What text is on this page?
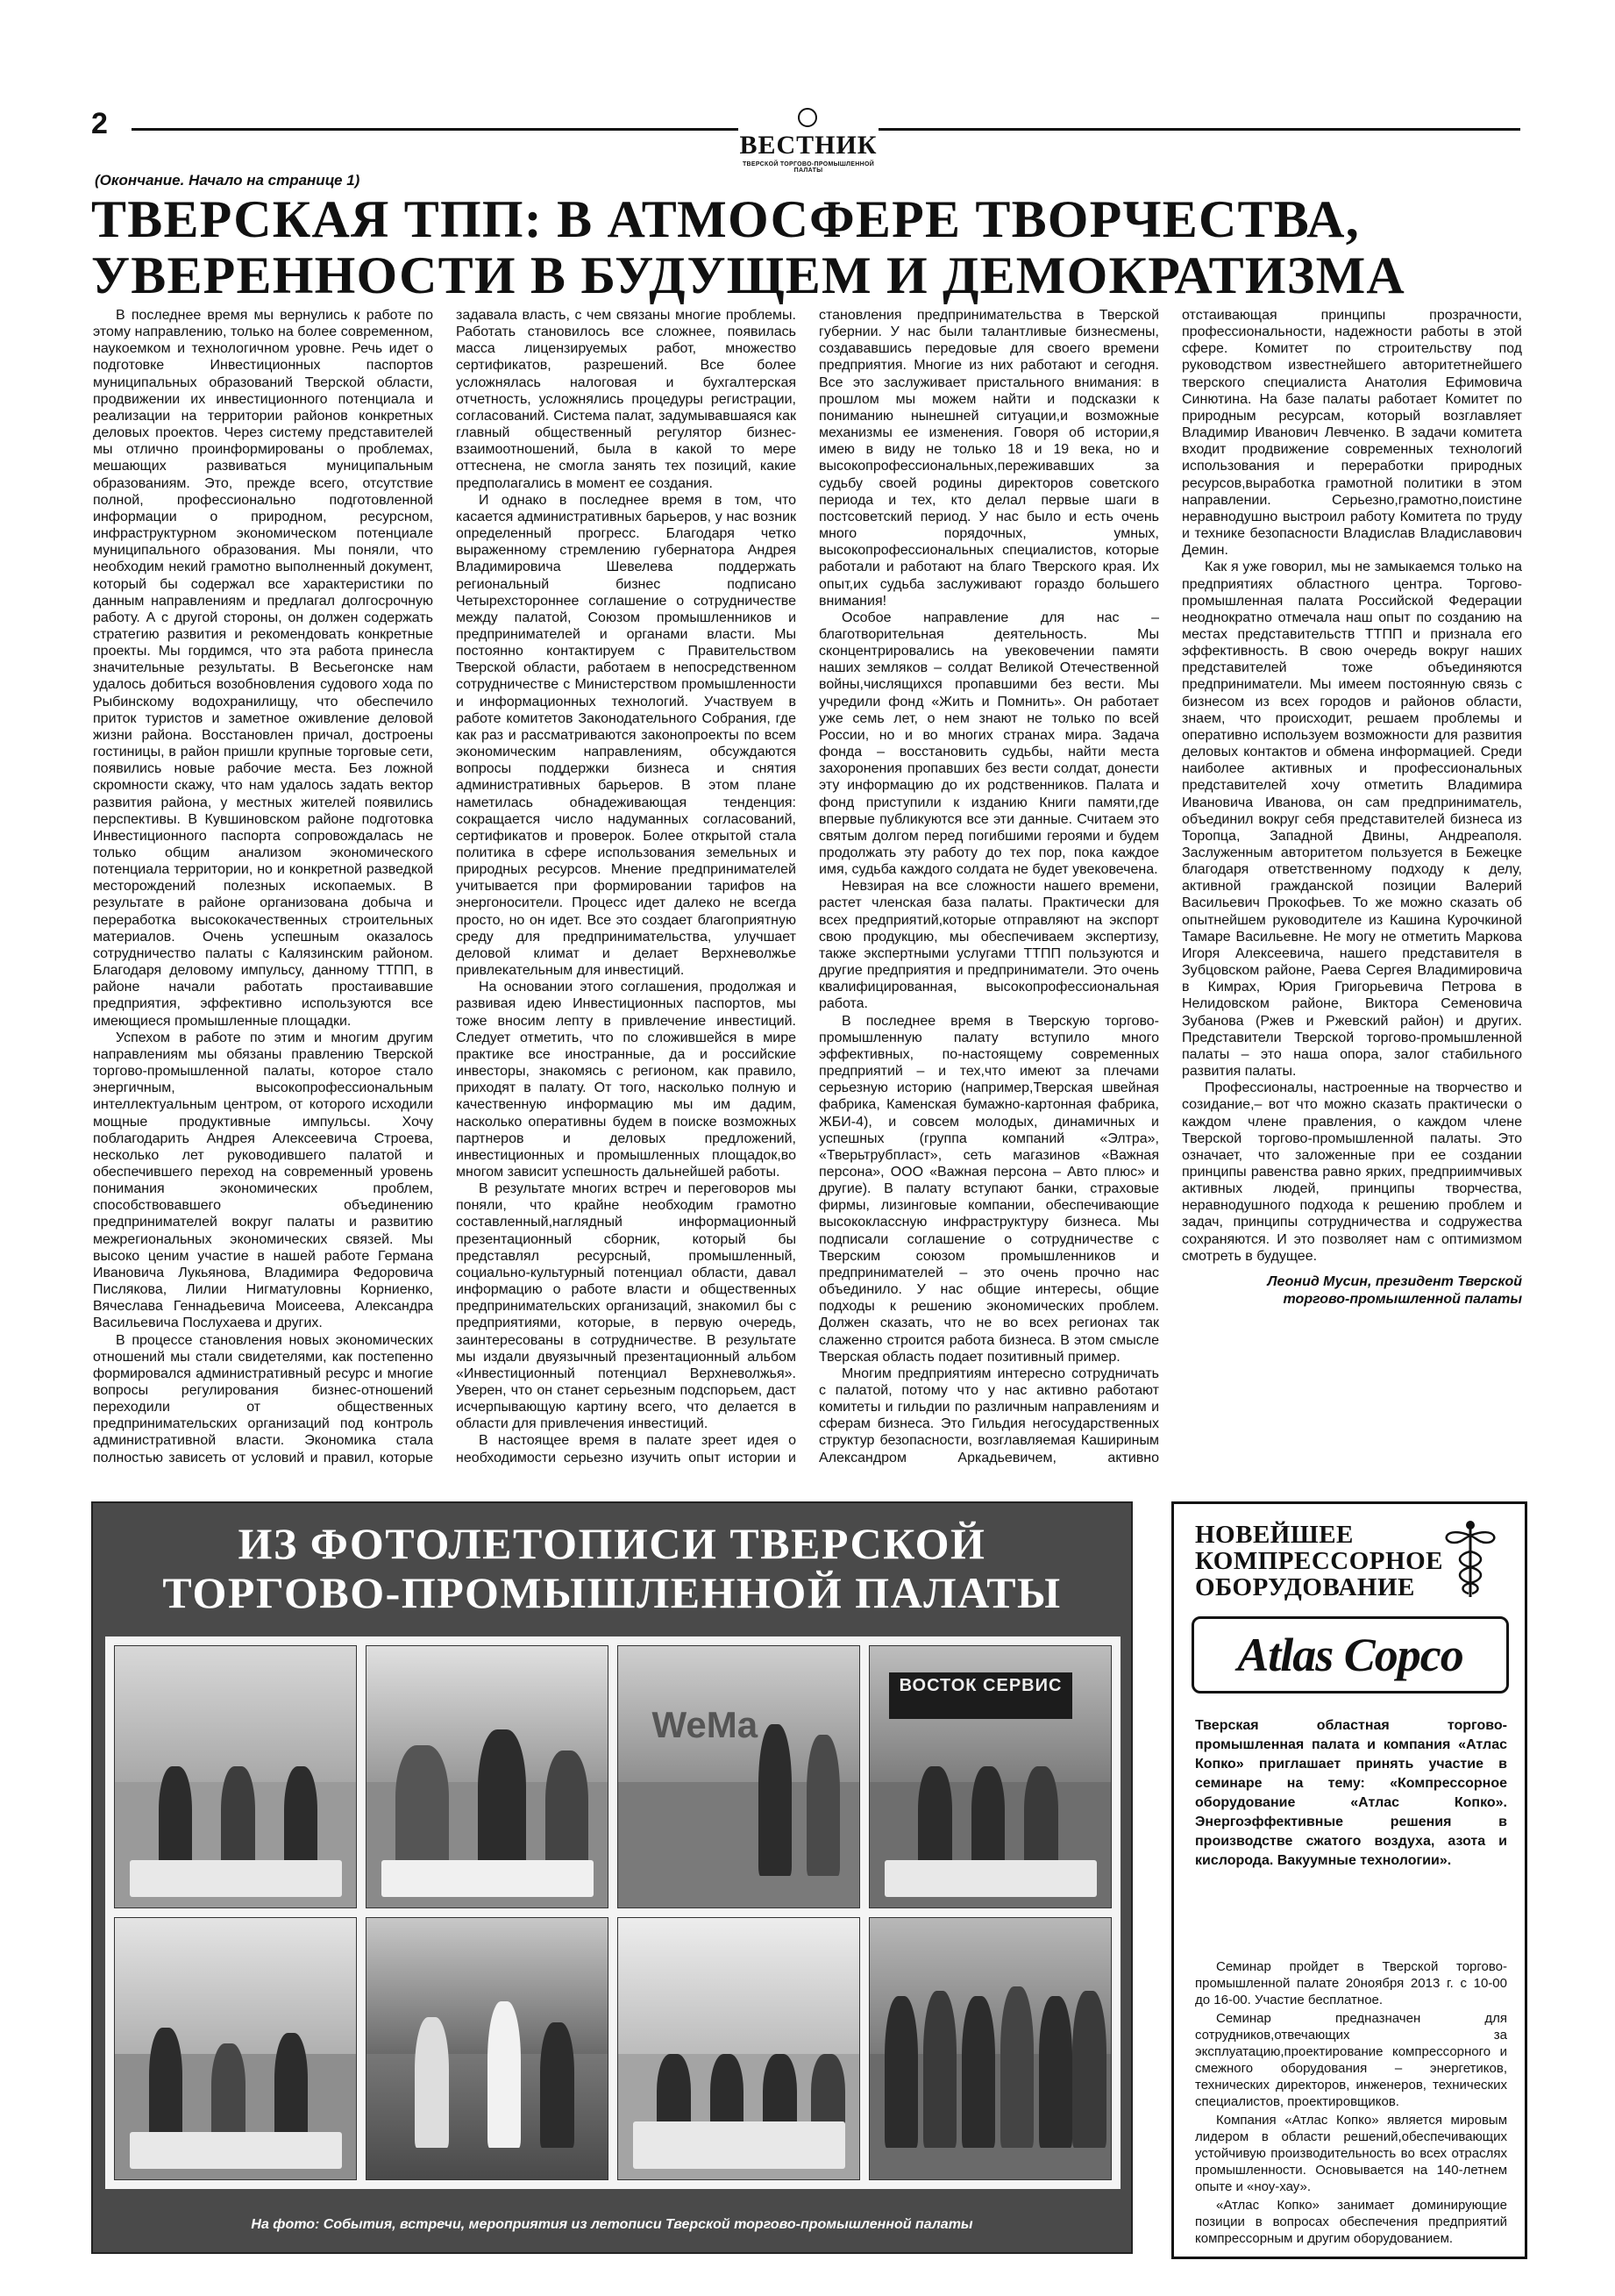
2
ВЕСТНИК
ТВЕРСКОЙ ТОРГОВО-ПРОМЫШЛЕННОЙ ПАЛАТЫ
(Окончание. Начало на странице 1)
ТВЕРСКАЯ ТПП: В АТМОСФЕРЕ ТВОРЧЕСТВА,
УВЕРЕННОСТИ В БУДУЩЕМ И ДЕМОКРАТИЗМА

В последнее время мы вернулись к работе по этому направлению, только на более современном, наукоемком и технологичном уровне. Речь идет о подготовке Инвестиционных паспортов муниципальных образований Тверской области, продвижении их инвестиционного потенциала и реализации на территории районов конкретных деловых проектов. Через систему представителей мы отлично проинформированы о проблемах, мешающих развиваться муниципальным образованиям. Это, прежде всего, отсутствие полной, профессионально подготовленной информации о природном, ресурсном, инфраструктурном экономическом потенциале муниципального образования. Мы поняли, что необходим некий грамотно выполненный документ, который бы содержал все характеристики по данным направлениям и предлагал долгосрочную работу. А с другой стороны, он должен содержать стратегию развития и рекомендовать конкретные проекты. Мы гордимся, что эта работа принесла значительные результаты. В Весьегонске нам удалось добиться возобновления судового хода по Рыбинскому водохранилищу, что обеспечило приток туристов и заметное оживление деловой жизни района. Восстановлен причал, достроены гостиницы, в район пришли крупные торговые сети, появились новые рабочие места. Без ложной скромности скажу, что нам удалось задать вектор развития района, у местных жителей появились перспективы. В Кувшиновском районе подготовка Инвестиционного паспорта сопровождалась не только общим анализом экономического потенциала территории, но и конкретной разведкой месторождений полезных ископаемых. В результате в районе организована добыча и переработка высококачественных строительных материалов. Очень успешным оказалось сотрудничество палаты с Калязинским районом. Благодаря деловому импульсу, данному ТТПП, в районе начали работать простаивавшие предприятия, эффективно используются все имеющиеся промышленные площадки.

Успехом в работе по этим и многим другим направлениям мы обязаны правлению Тверской торгово-промышленной палаты, которое стало энергичным, высокопрофессиональным интеллектуальным центром, от которого исходили мощные продуктивные импульсы. Хочу поблагодарить Андрея Алексеевича Строева, несколько лет руководившего палатой и обеспечившего переход на современный уровень понимания экономических проблем, способствовавшего объединению предпринимателей вокруг палаты и развитию межрегиональных экономических связей. Мы высоко ценим участие в нашей работе Германа Ивановича Лукьянова, Владимира Федоровича Пислякова, Лилии Нигматуловны Корниенко, Вячеслава Геннадьевича Моисеева, Александра Васильевича Послухаева и других.

В процессе становления новых экономических отношений мы стали свидетелями, как постепенно формировался административный ресурс и многие вопросы регулирования бизнес-отношений переходили от общественных предпринимательских организаций под контроль административной власти. Экономика стала полностью зависеть от условий и правил, которые задавала власть, с чем связаны многие проблемы. Работать становилось все сложнее, появилась масса лицензируемых работ, множество сертификатов, разрешений. Все более усложнялась налоговая и бухгалтерская отчетность, усложнялись процедуры регистрации, согласований. Система палат, задумывавшаяся как главный общественный регулятор бизнес-взаимоотношений, была в какой то мере оттеснена, не смогла занять тех позиций, какие предполагались в момент ее создания.

И однако в последнее время в том, что касается административных барьеров, у нас возник определенный прогресс. Благодаря четко выраженному стремлению губернатора Андрея Владимировича Шевелева поддержать региональный бизнес подписано Четырехстороннее соглашение о сотрудничестве между палатой, Союзом промышленников и предпринимателей и органами власти. Мы постоянно контактируем с Правительством Тверской области, работаем в непосредственном сотрудничестве с Министерством промышленности и информационных технологий. Участвуем в работе комитетов Законодательного Собрания, где как раз и рассматриваются законопроекты по всем экономическим направлениям, обсуждаются вопросы поддержки бизнеса и снятия административных барьеров. В этом плане наметилась обнадеживающая тенденция: сокращается число надуманных согласований, сертификатов и проверок. Более открытой стала политика в сфере использования земельных и природных ресурсов. Мнение предпринимателей учитывается при формировании тарифов на энергоносители. Процесс идет далеко не всегда просто, но он идет. Все это создает благоприятную среду для предпринимательства, улучшает деловой климат и делает Верхневолжье привлекательным для инвестиций.

На основании этого соглашения, продолжая и развивая идею Инвестиционных паспортов, мы тоже вносим лепту в привлечение инвестиций. Следует отметить, что по сложившейся в мире практике все иностранные, да и российские инвесторы, знакомясь с регионом, как правило, приходят в палату. От того, насколько полную и качественную информацию мы им дадим, насколько оперативны будем в поиске возможных партнеров и деловых предложений, инвестиционных и промышленных площадок,во многом зависит успешность дальнейшей работы.

В результате многих встреч и переговоров мы поняли, что крайне необходим грамотно составленный,наглядный информационный презентационный сборник, который бы представлял ресурсный, промышленный, социально-культурный потенциал области, давал информацию о работе власти и общественных предпринимательских организаций, знакомил бы с предприятиями, которые, в первую очередь, заинтересованы в сотрудничестве. В результате мы издали двуязычный презентационный альбом «Инвестиционный потенциал Верхневолжья». Уверен, что он станет серьезным подспорьем, даст исчерпывающую картину всего, что делается в области для привлечения инвестиций.

В настоящее время в палате зреет идея о необходимости серьезно изучить опыт истории и становления предпринимательства в Тверской губернии. У нас были талантливые бизнесмены, создававшись передовые для своего времени предприятия. Многие из них работают и сегодня. Все это заслуживает пристального внимания: в прошлом мы можем найти и подсказки к пониманию нынешней ситуации,и возможные механизмы ее изменения. Говоря об истории,я имею в виду не только 18 и 19 века, но и высокопрофессиональных,переживавших за судьбу своей родины директоров советского периода и тех, кто делал первые шаги в постсоветский период. У нас было и есть очень много порядочных, умных, высокопрофессиональных специалистов, которые работали и работают на благо Тверского края. Их опыт,их судьба заслуживают гораздо большего внимания!

Особое направление для нас – благотворительная деятельность. Мы сконцентрировались на увековечении памяти наших земляков – солдат Великой Отечественной войны,числящихся пропавшими без вести. Мы учредили фонд «Жить и Помнить». Он работает уже семь лет, о нем знают не только по всей России, но и во многих странах мира. Задача фонда – восстановить судьбы, найти места захоронения пропавших без вести солдат, донести эту информацию до их родственников. Палата и фонд приступили к изданию Книги памяти,где впервые публикуются все эти данные. Считаем это святым долгом перед погибшими героями и будем продолжать эту работу до тех пор, пока каждое имя, судьба каждого солдата не будет увековечена.

Невзирая на все сложности нашего времени, растет членская база палаты. Практически для всех предприятий,которые отправляют на экспорт свою продукцию, мы обеспечиваем экспертизу, также экспертными услугами ТТПП пользуются и другие предприятия и предприниматели. Это очень квалифицированная, высокопрофессиональная работа.

В последнее время в Тверскую торгово-промышленную палату вступило много эффективных, по-настоящему современных предприятий – и тех,что имеют за плечами серьезную историю (например,Тверская швейная фабрика, Каменская бумажно-картонная фабрика, ЖБИ-4), и совсем молодых, динамичных и успешных (группа компаний «Элтра», «Тверьтрубпласт», сеть магазинов «Важная персона», ООО «Важная персона – Авто плюс» и другие). В палату вступают банки, страховые фирмы, лизинговые компании, обеспечивающие высококлассную инфраструктуру бизнеса. Мы подписали соглашение о сотрудничестве с Тверским союзом промышленников и предпринимателей – это очень прочно нас объединило. У нас общие интересы, общие подходы к решению экономических проблем. Должен сказать, что не во всех регионах так слаженно строится работа бизнеса. В этом смысле Тверская область подает позитивный пример.

Многим предприятиям интересно сотрудничать с палатой, потому что у нас активно работают комитеты и гильдии по различным направлениям и сферам бизнеса. Это Гильдия негосударственных структур безопасности, возглавляемая Кашириным Александром Аркадьевичем, активно отстаивающая принципы прозрачности, профессиональности, надежности работы в этой сфере. Комитет по строительству под руководством известнейшего авторитетнейшего тверского специалиста Анатолия Ефимовича Синютина. На базе палаты работает Комитет по природным ресурсам, который возглавляет Владимир Иванович Левченко. В задачи комитета входит продвижение современных технологий использования и переработки природных ресурсов,выработка грамотной политики в этом направлении. Серьезно,грамотно,поистине неравнодушно выстроил работу Комитета по труду и технике безопасности Владислав Владиславович Демин.

Как я уже говорил, мы не замыкаемся только на предприятиях областного центра. Торгово-промышленная палата Российской Федерации неоднократно отмечала наш опыт по созданию на местах представительств ТТПП и признала его эффективность. В свою очередь вокруг наших представителей тоже объединяются предприниматели. Мы имеем постоянную связь с бизнесом из всех городов и районов области, знаем, что происходит, решаем проблемы и оперативно используем возможности для развития деловых контактов и обмена информацией. Среди наиболее активных и профессиональных представителей хочу отметить Владимира Ивановича Иванова, он сам предприниматель, объединил вокруг себя представителей бизнеса из Торопца, Западной Двины, Андреаполя. Заслуженным авторитетом пользуется в Бежецке благодаря ответственному подходу к делу, активной гражданской позиции Валерий Васильевич Прокофьев. То же можно сказать об опытнейшем руководителе из Кашина Курочкиной Тамаре Васильевне. Не могу не отметить Маркова Игоря Алексеевича, нашего представителя в Зубцовском районе, Раева Сергея Владимировича в Кимрах, Юрия Григорьевича Петрова в Нелидовском районе, Виктора Семеновича Зубанова (Ржев и Ржевский район) и других. Представители Тверской торгово-промышленной палаты – это наша опора, залог стабильного развития палаты.

Профессионалы, настроенные на творчество и созидание,– вот что можно сказать практически о каждом члене правления, о каждом члене Тверской торгово-промышленной палаты. Это означает, что заложенные при ее создании принципы равенства равно ярких, предприимчивых активных людей, принципы творчества, неравнодушного подхода к решению проблем и задач, принципы сотрудничества и содружества сохраняются. И это позволяет нам с оптимизмом смотреть в будущее.

Леонид Мусин, президент Тверской
торгово-промышленной палаты
ИЗ ФОТОЛЕТОПИСИ ТВЕРСКОЙ
ТОРГОВО-ПРОМЫШЛЕННОЙ ПАЛАТЫ
WeMa
ВОСТОК СЕРВИС
На фото: События, встречи, мероприятия из летописи Тверской торгово-промышленной палаты
НОВЕЙШЕЕ
КОМПРЕССОРНОЕ
ОБОРУДОВАНИЕ
Atlas Copco
Тверская областная торгово-промышленная палата и компания «Атлас Копко» приглашает принять участие в семинаре на тему: «Компрессорное оборудование «Атлас Копко». Энергоэффективные решения в производстве сжатого воздуха, азота и кислорода. Вакуумные технологии».

Семинар пройдет в Тверской торгово-промышленной палате 20ноября 2013 г. с 10-00 до 16-00. Участие бесплатное.

Семинар предназначен для сотрудников,отвечающих за эксплуатацию,проектирование компрессорного и смежного оборудования – энергетиков, технических директоров, инженеров, технических специалистов, проектировщиков.

Компания «Атлас Копко» является мировым лидером в области решений,обеспечивающих устойчивую производительность во всех отраслях промышленности. Основывается на 140-летнем опыте и «ноу-хау».

«Атлас Копко» занимает доминирующие позиции в вопросах обеспечения предприятий компрессорным и другим оборудованием.
